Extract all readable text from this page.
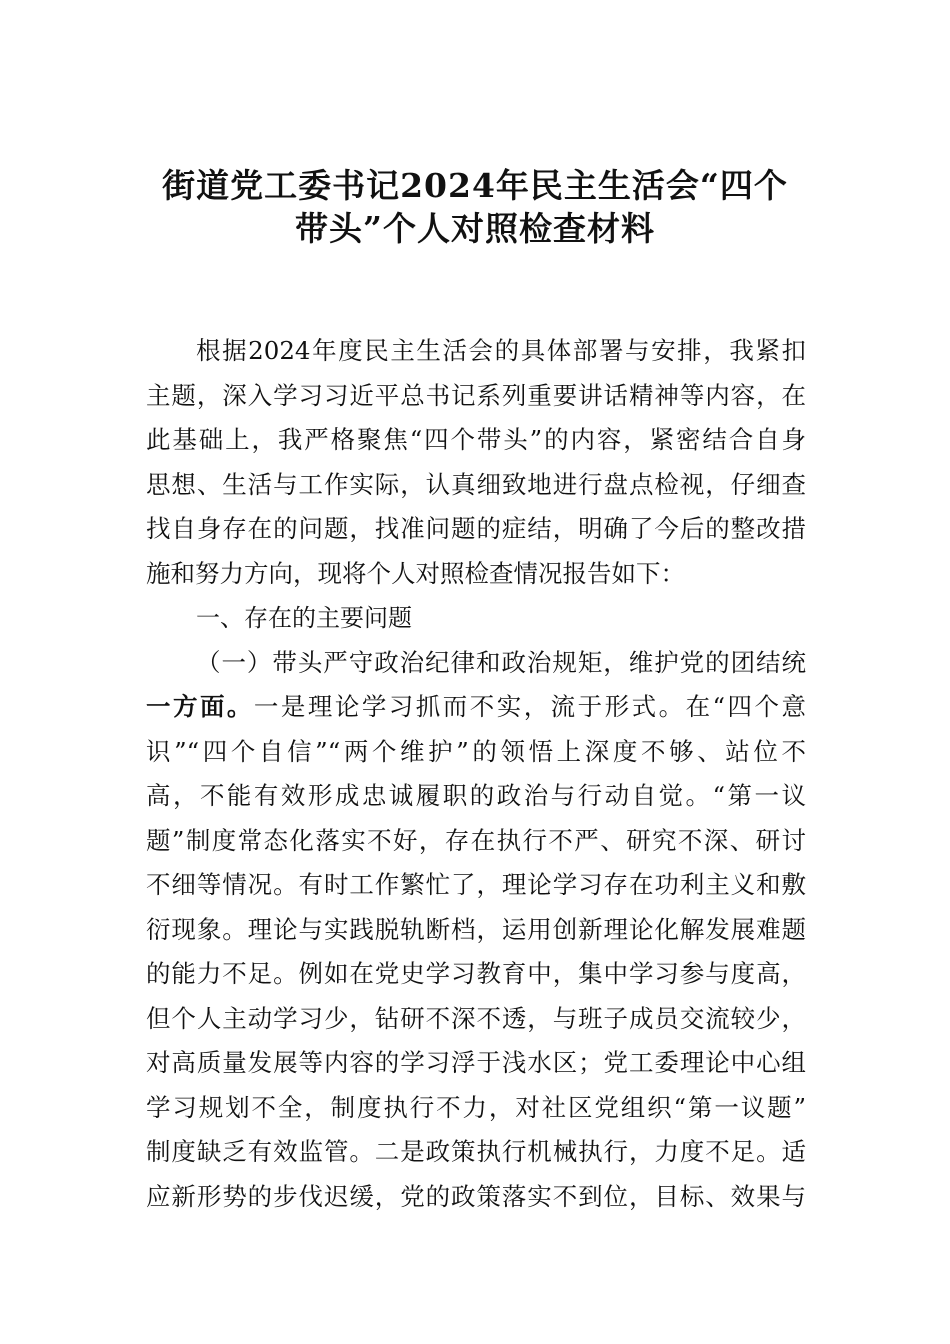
街道党工委书记2024年民主生活会“四个
带头”个人对照检查材料
根据2024年度民主生活会的具体部署与安排，我紧扣
主题，深入学习习近平总书记系列重要讲话精神等内容，在
此基础上，我严格聚焦“四个带头”的内容，紧密结合自身
思想、生活与工作实际，认真细致地进行盘点检视，仔细查
找自身存在的问题，找准问题的症结，明确了今后的整改措
施和努力方向，现将个人对照检查情况报告如下：
一、存在的主要问题
（一）带头严守政治纪律和政治规矩，维护党的团结统
一方面。一是理论学习抓而不实，流于形式。在“四个意
识”“四个自信”“两个维护”的领悟上深度不够、站位不
高，不能有效形成忠诚履职的政治与行动自觉。“第一议
题”制度常态化落实不好，存在执行不严、研究不深、研讨
不细等情况。有时工作繁忙了，理论学习存在功利主义和敷
衍现象。理论与实践脱轨断档，运用创新理论化解发展难题
的能力不足。例如在党史学习教育中，集中学习参与度高，
但个人主动学习少，钻研不深不透，与班子成员交流较少，
对高质量发展等内容的学习浮于浅水区；党工委理论中心组
学习规划不全，制度执行不力，对社区党组织“第一议题”
制度缺乏有效监管。二是政策执行机械执行，力度不足。适
应新形势的步伐迟缓，党的政策落实不到位，目标、效果与
